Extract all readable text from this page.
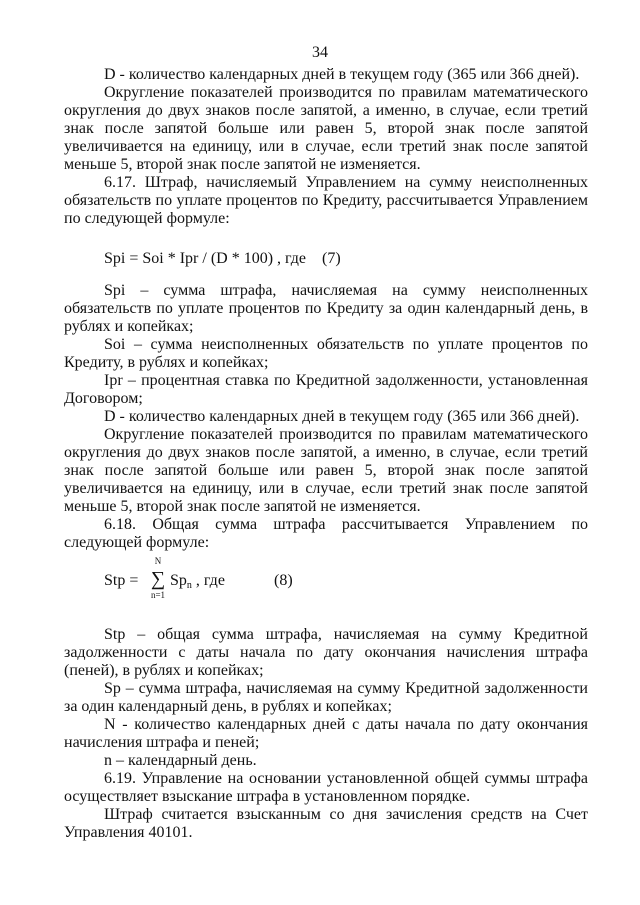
34

D - количество календарных дней в текущем году (365 или 366 дней).

Округление показателей производится по правилам математического округления до двух знаков после запятой, а именно, в случае, если третий знак после запятой больше или равен 5, второй знак после запятой увеличивается на единицу, или в случае, если третий знак после запятой меньше 5, второй знак после запятой не изменяется.

6.17. Штраф, начисляемый Управлением на сумму неисполненных обязательств по уплате процентов по Кредиту, рассчитывается Управлением по следующей формуле:

Spi = Soi * Ipr / (D * 100) , где (7)

Spi – сумма штрафа, начисляемая на сумму неисполненных обязательств по уплате процентов по Кредиту за один календарный день, в рублях и копейках;

Soi – сумма неисполненных обязательств по уплате процентов по Кредиту, в рублях и копейках;

Ipr – процентная ставка по Кредитной задолженности, установленная Договором;

D - количество календарных дней в текущем году (365 или 366 дней).

Округление показателей производится по правилам математического округления до двух знаков после запятой, а именно, в случае, если третий знак после запятой больше или равен 5, второй знак после запятой увеличивается на единицу, или в случае, если третий знак после запятой меньше 5, второй знак после запятой не изменяется.

6.18. Общая сумма штрафа рассчитывается Управлением по следующей формуле:

Stp =
N
∑
n=1
$Sp_n$ , где	(8)

Stp – общая сумма штрафа, начисляемая на сумму Кредитной задолженности с даты начала по дату окончания начисления штрафа (пеней), в рублях и копейках;

Sp – сумма штрафа, начисляемая на сумму Кредитной задолженности за один календарный день, в рублях и копейках;

N - количество календарных дней с даты начала по дату окончания начисления штрафа и пеней;

n – календарный день.

6.19. Управление на основании установленной общей суммы штрафа осуществляет взыскание штрафа в установленном порядке.

Штраф считается взысканным со дня зачисления средств на Счет Управления 40101.
